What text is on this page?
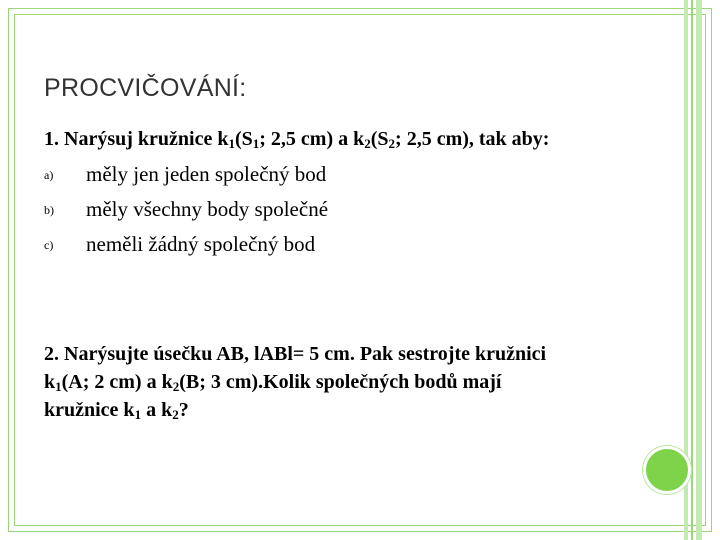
PROCVIČOVÁNÍ:
1. Narýsuj kružnice $k_1(S_1$; 2,5 cm) a $k_2(S_2$; 2,5 cm), tak aby:
a) měly jen jeden společný bod
b) měly všechny body společné
c) neměli žádný společný bod
2. Narýsujte úsečku AB, lABl= 5 cm. Pak sestrojte kružnici
$k_1(A$; 2 cm) a $k_2(B$; 3 cm).Kolik společných bodů mají
kružnice $k_1$ a $k_2$?
